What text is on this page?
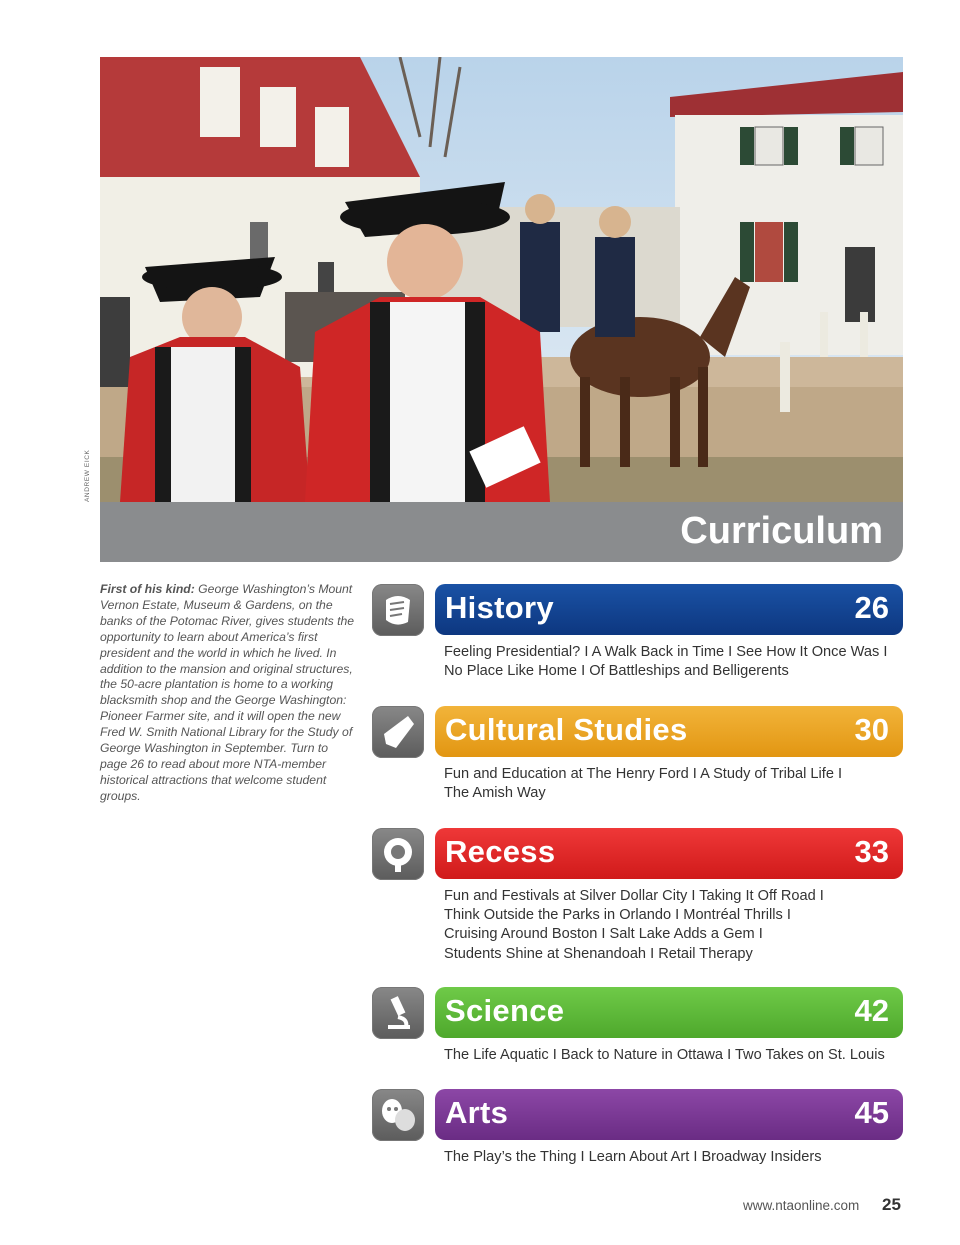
ANDREW EICK
Curriculum
First of his kind: George Washington’s Mount Vernon Estate, Museum & Gardens, on the banks of the Potomac River, gives students the opportunity to learn about America’s first president and the world in which he lived. In addition to the mansion and original structures, the 50-acre plantation is home to a working blacksmith shop and the George Washington: Pioneer Farmer site, and it will open the new Fred W. Smith National Library for the Study of George Washington in September. Turn to page 26 to read about more NTA-member historical attractions that welcome student groups.
History	26
Feeling Presidential? I A Walk Back in Time I See How It Once Was I
No Place Like Home I Of Battleships and Belligerents
Cultural Studies	30
Fun and Education at The Henry Ford I A Study of Tribal Life I
The Amish Way
Recess	33
Fun and Festivals at Silver Dollar City I Taking It Off Road I
Think Outside the Parks in Orlando I Montréal Thrills I
Cruising Around Boston I Salt Lake Adds a Gem I
Students Shine at Shenandoah I Retail Therapy
Science	42
The Life Aquatic I Back to Nature in Ottawa I Two Takes on St. Louis
Arts	45
The Play’s the Thing I Learn About Art I Broadway Insiders
www.ntaonline.com 25
